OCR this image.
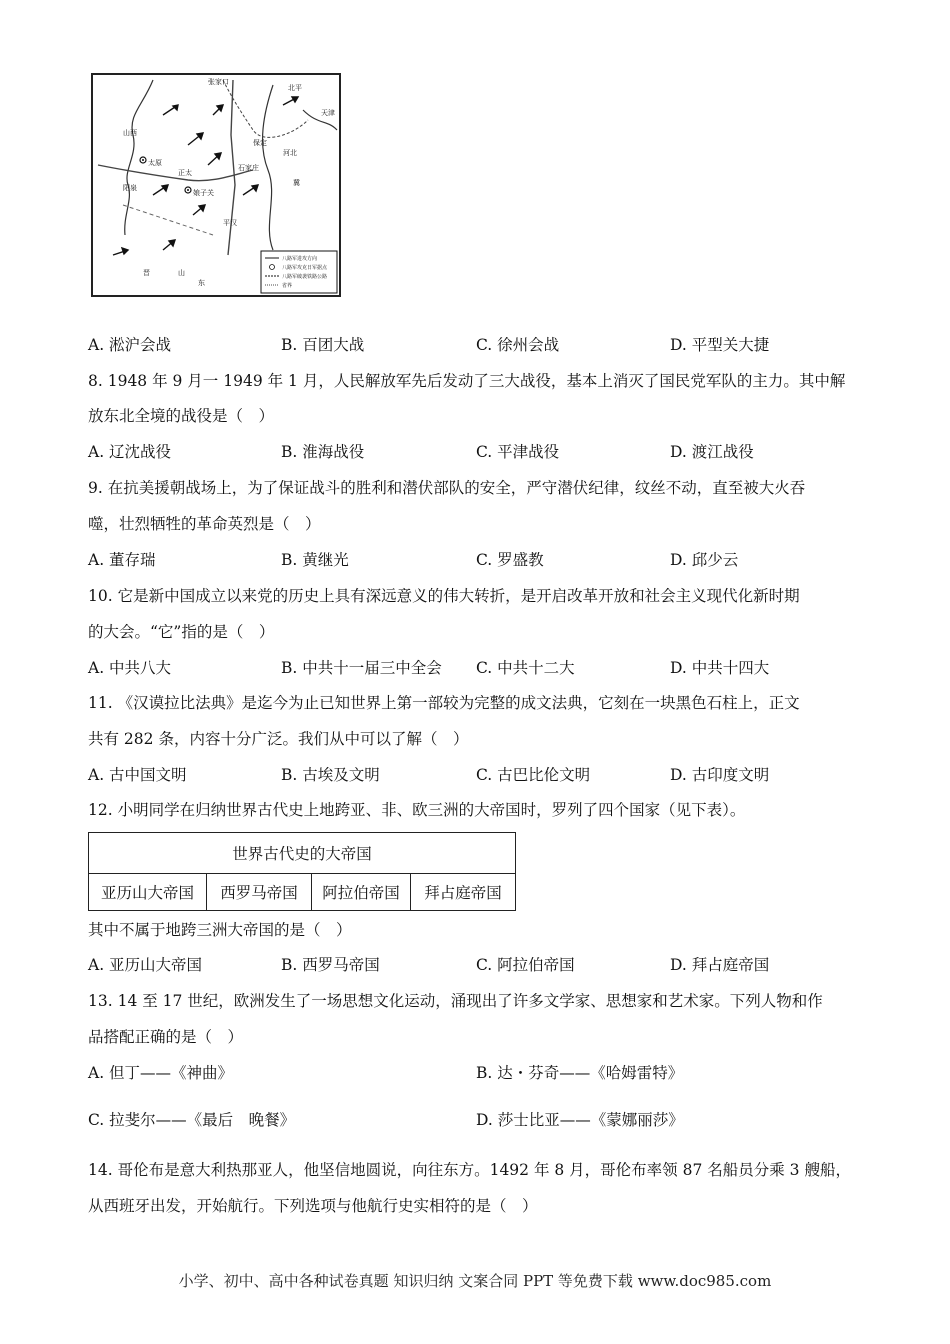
张家口
北平
天津
保定
石家庄
山西
河北
太原
阳泉
娘子关
正太
平汉
山
东
晋
冀
八路军进攻方向
八路军攻克日军据点
八路军破袭铁路公路
省界
A. 淞沪会战	B. 百团大战	C. 徐州会战	D. 平型关大捷
8. 1948 年 9 月一 1949 年 1 月，人民解放军先后发动了三大战役，基本上消灭了国民党军队的主力。其中解
放东北全境的战役是（　）
A. 辽沈战役	B. 淮海战役	C. 平津战役	D. 渡江战役
9. 在抗美援朝战场上，为了保证战斗的胜利和潜伏部队的安全，严守潜伏纪律，纹丝不动，直至被大火吞
噬，壮烈牺牲的革命英烈是（　）
A. 董存瑞	B. 黄继光	C. 罗盛教	D. 邱少云
10. 它是新中国成立以来党的历史上具有深远意义的伟大转折，是开启改革开放和社会主义现代化新时期
的大会。“它”指的是（　）
A. 中共八大	B. 中共十一届三中全会 C. 中共十二大	D. 中共十四大
11. 《汉谟拉比法典》是迄今为止已知世界上第一部较为完整的成文法典，它刻在一块黑色石柱上，正文
共有 282 条，内容十分广泛。我们从中可以了解（　）
A. 古中国文明	B. 古埃及文明	C. 古巴比伦文明	D. 古印度文明
12. 小明同学在归纳世界古代史上地跨亚、非、欧三洲的大帝国时，罗列了四个国家（见下表）。
世界古代史的大帝国
亚历山大帝国	西罗马帝国	阿拉伯帝国	拜占庭帝国
其中不属于地跨三洲大帝国的是（　）
A. 亚历山大帝国	B. 西罗马帝国	C. 阿拉伯帝国	D. 拜占庭帝国
13. 14 至 17 世纪，欧洲发生了一场思想文化运动，涌现出了许多文学家、思想家和艺术家。下列人物和作
品搭配正确的是（　）
A. 但丁——《神曲》	B. 达・芬奇——《哈姆雷特》
C. 拉斐尔——《最后　晚餐》	D. 莎士比亚——《蒙娜丽莎》
14. 哥伦布是意大利热那亚人，他坚信地圆说，向往东方。1492 年 8 月，哥伦布率领 87 名船员分乘 3 艘船，
从西班牙出发，开始航行。下列选项与他航行史实相符的是（　）
小学、初中、高中各种试卷真题 知识归纳 文案合同 PPT 等免费下载 www.doc985.com
